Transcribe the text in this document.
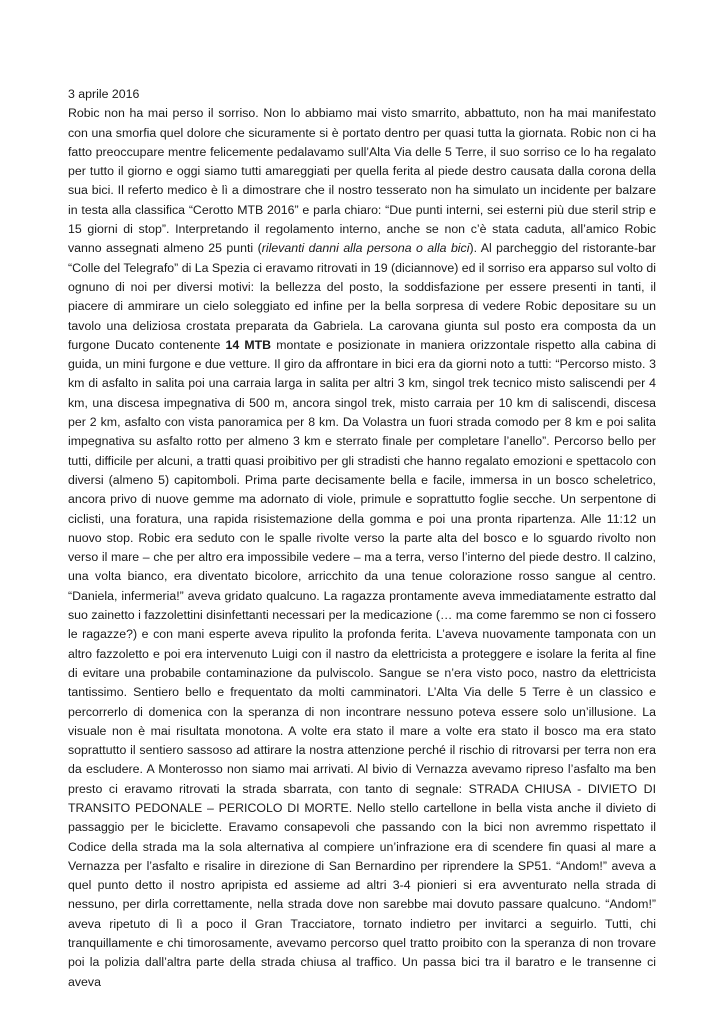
3 aprile 2016

Robic non ha mai perso il sorriso. Non lo abbiamo mai visto smarrito, abbattuto, non ha mai manifestato con una smorfia quel dolore che sicuramente si è portato dentro per quasi tutta la giornata. Robic non ci ha fatto preoccupare mentre felicemente pedalavamo sull’Alta Via delle 5 Terre, il suo sorriso ce lo ha regalato per tutto il giorno e oggi siamo tutti amareggiati per quella ferita al piede destro causata dalla corona della sua bici. Il referto medico è lì a dimostrare che il nostro tesserato non ha simulato un incidente per balzare in testa alla classifica “Cerotto MTB 2016” e parla chiaro: “Due punti interni, sei esterni più due steril strip e 15 giorni di stop”. Interpretando il regolamento interno, anche se non c’è stata caduta, all’amico Robic vanno assegnati almeno 25 punti (rilevanti danni alla persona o alla bici). Al parcheggio del ristorante-bar “Colle del Telegrafo” di La Spezia ci eravamo ritrovati in 19 (diciannove) ed il sorriso era apparso sul volto di ognuno di noi per diversi motivi: la bellezza del posto, la soddisfazione per essere presenti in tanti, il piacere di ammirare un cielo soleggiato ed infine per la bella sorpresa di vedere Robic depositare su un tavolo una deliziosa crostata preparata da Gabriela. La carovana giunta sul posto era composta da un furgone Ducato contenente 14 MTB montate e posizionate in maniera orizzontale rispetto alla cabina di guida, un mini furgone e due vetture. Il giro da affrontare in bici era da giorni noto a tutti: “Percorso misto. 3 km di asfalto in salita poi una carraia larga in salita per altri 3 km, singol trek tecnico misto saliscendi per 4 km, una discesa impegnativa di 500 m, ancora singol trek, misto carraia per 10 km di saliscendi, discesa per 2 km, asfalto con vista panoramica per 8 km. Da Volastra un fuori strada comodo per 8 km e poi salita impegnativa su asfalto rotto per almeno 3 km e sterrato finale per completare l’anello”. Percorso bello per tutti, difficile per alcuni, a tratti quasi proibitivo per gli stradisti che hanno regalato emozioni e spettacolo con diversi (almeno 5) capitomboli. Prima parte decisamente bella e facile, immersa in un bosco scheletrico, ancora privo di nuove gemme ma adornato di viole, primule e soprattutto foglie secche. Un serpentone di ciclisti, una foratura, una rapida risistemazione della gomma e poi una pronta ripartenza. Alle 11:12 un nuovo stop. Robic era seduto con le spalle rivolte verso la parte alta del bosco e lo sguardo rivolto non verso il mare – che per altro era impossibile vedere – ma a terra, verso l’interno del piede destro. Il calzino, una volta bianco, era diventato bicolore, arricchito da una tenue colorazione rosso sangue al centro. “Daniela, infermeria!” aveva gridato qualcuno. La ragazza prontamente aveva immediatamente estratto dal suo zainetto i fazzolettini disinfettanti necessari per la medicazione (… ma come faremmo se non ci fossero le ragazze?) e con mani esperte aveva ripulito la profonda ferita. L’aveva nuovamente tamponata con un altro fazzoletto e poi era intervenuto Luigi con il nastro da elettricista a proteggere e isolare la ferita al fine di evitare una probabile contaminazione da pulviscolo. Sangue se n’era visto poco, nastro da elettricista tantissimo. Sentiero bello e frequentato da molti camminatori. L’Alta Via delle 5 Terre è un classico e percorrerlo di domenica con la speranza di non incontrare nessuno poteva essere solo un’illusione. La visuale non è mai risultata monotona. A volte era stato il mare a volte era stato il bosco ma era stato soprattutto il sentiero sassoso ad attirare la nostra attenzione perché il rischio di ritrovarsi per terra non era da escludere. A Monterosso non siamo mai arrivati. Al bivio di Vernazza avevamo ripreso l’asfalto ma ben presto ci eravamo ritrovati la strada sbarrata, con tanto di segnale: STRADA CHIUSA - DIVIETO DI TRANSITO PEDONALE – PERICOLO DI MORTE. Nello stello cartellone in bella vista anche il divieto di passaggio per le biciclette. Eravamo consapevoli che passando con la bici non avremmo rispettato il Codice della strada ma la sola alternativa al compiere un’infrazione era di scendere fin quasi al mare a Vernazza per l’asfalto e risalire in direzione di San Bernardino per riprendere la SP51. “Andom!” aveva a quel punto detto il nostro apripista ed assieme ad altri 3-4 pionieri si era avventurato nella strada di nessuno, per dirla correttamente, nella strada dove non sarebbe mai dovuto passare qualcuno. “Andom!” aveva ripetuto di lì a poco il Gran Tracciatore, tornato indietro per invitarci a seguirlo. Tutti, chi tranquillamente e chi timorosamente, avevamo percorso quel tratto proibito con la speranza di non trovare poi la polizia dall’altra parte della strada chiusa al traffico. Un passa bici tra il baratro e le transenne ci aveva
